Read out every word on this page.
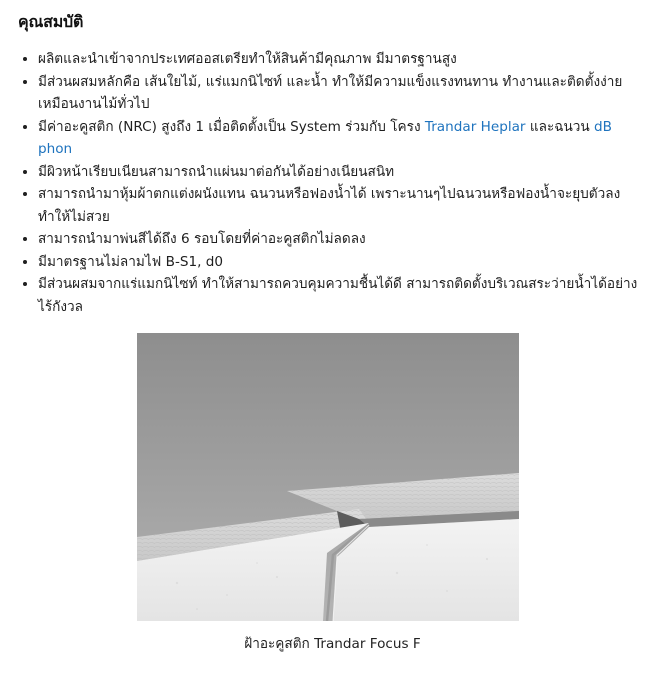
คุณสมบัติ
• ผลิตและนำเข้าจากประเทศออสเตรียทำให้สินค้ามีคุณภาพ มีมาตรฐานสูง
• มีส่วนผสมหลักคือ เส้นใยไม้, แร่แมกนิไซท์ และน้ำ ทำให้มีความแข็งแรงทนทาน ทำงานและติดตั้งง่ายเหมือนงานไม้ทั่วไป
• มีค่าอะคูสติก (NRC) สูงถึง 1 เมื่อติดตั้งเป็น System ร่วมกับ โครง Trandar Heplar และฉนวน dB phon
• มีผิวหน้าเรียบเนียนสามารถนำแผ่นมาต่อกันได้อย่างเนียนสนิท
• สามารถนำมาหุ้มผ้าตกแต่งผนังแทน ฉนวนหรือฟองน้ำได้ เพราะนานๆไปฉนวนหรือฟองน้ำจะยุบตัวลง ทำให้ไม่สวย
• สามารถนำมาพ่นสีได้ถึง 6 รอบโดยที่ค่าอะคูสติกไม่ลดลง
• มีมาตรฐานไม่ลามไฟ B-S1, d0
• มีส่วนผสมจากแร่แมกนิไซท์ ทำให้สามารถควบคุมความชื้นได้ดี สามารถติดตั้งบริเวณสระว่ายน้ำได้อย่างไร้กังวล
ฝ้าอะคูสติก Trandar Focus F
